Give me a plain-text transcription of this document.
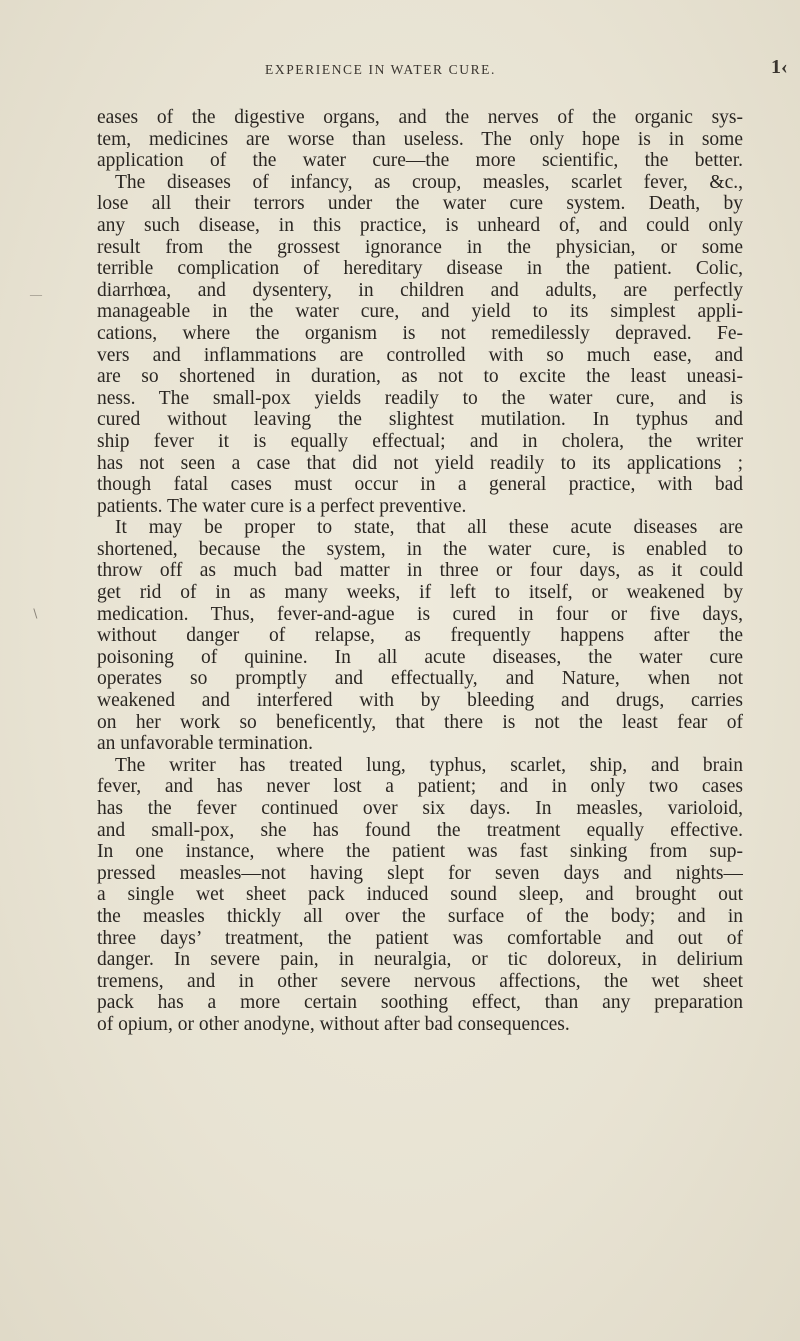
EXPERIENCE IN WATER CURE.	1‹
―
∖
eases of the digestive organs, and the nerves of the organic sys-
tem, medicines are worse than useless. The only hope is in some
application of the water cure—the more scientific, the better.
The diseases of infancy, as croup, measles, scarlet fever, &c.,
lose all their terrors under the water cure system. Death, by
any such disease, in this practice, is unheard of, and could only
result from the grossest ignorance in the physician, or some
terrible complication of hereditary disease in the patient. Colic,
diarrhœa, and dysentery, in children and adults, are perfectly
manageable in the water cure, and yield to its simplest appli-
cations, where the organism is not remedilessly depraved. Fe-
vers and inflammations are controlled with so much ease, and
are so shortened in duration, as not to excite the least uneasi-
ness. The small-pox yields readily to the water cure, and is
cured without leaving the slightest mutilation. In typhus and
ship fever it is equally effectual; and in cholera, the writer
has not seen a case that did not yield readily to its applications ;
though fatal cases must occur in a general practice, with bad
patients. The water cure is a perfect preventive.
It may be proper to state, that all these acute diseases are
shortened, because the system, in the water cure, is enabled to
throw off as much bad matter in three or four days, as it could
get rid of in as many weeks, if left to itself, or weakened by
medication. Thus, fever-and-ague is cured in four or five days,
without danger of relapse, as frequently happens after the
poisoning of quinine. In all acute diseases, the water cure
operates so promptly and effectually, and Nature, when not
weakened and interfered with by bleeding and drugs, carries
on her work so beneficently, that there is not the least fear of
an unfavorable termination.
The writer has treated lung, typhus, scarlet, ship, and brain
fever, and has never lost a patient; and in only two cases
has the fever continued over six days. In measles, varioloid,
and small-pox, she has found the treatment equally effective.
In one instance, where the patient was fast sinking from sup-
pressed measles—not having slept for seven days and nights—
a single wet sheet pack induced sound sleep, and brought out
the measles thickly all over the surface of the body; and in
three days’ treatment, the patient was comfortable and out of
danger. In severe pain, in neuralgia, or tic doloreux, in delirium
tremens, and in other severe nervous affections, the wet sheet
pack has a more certain soothing effect, than any preparation
of opium, or other anodyne, without after bad consequences.
